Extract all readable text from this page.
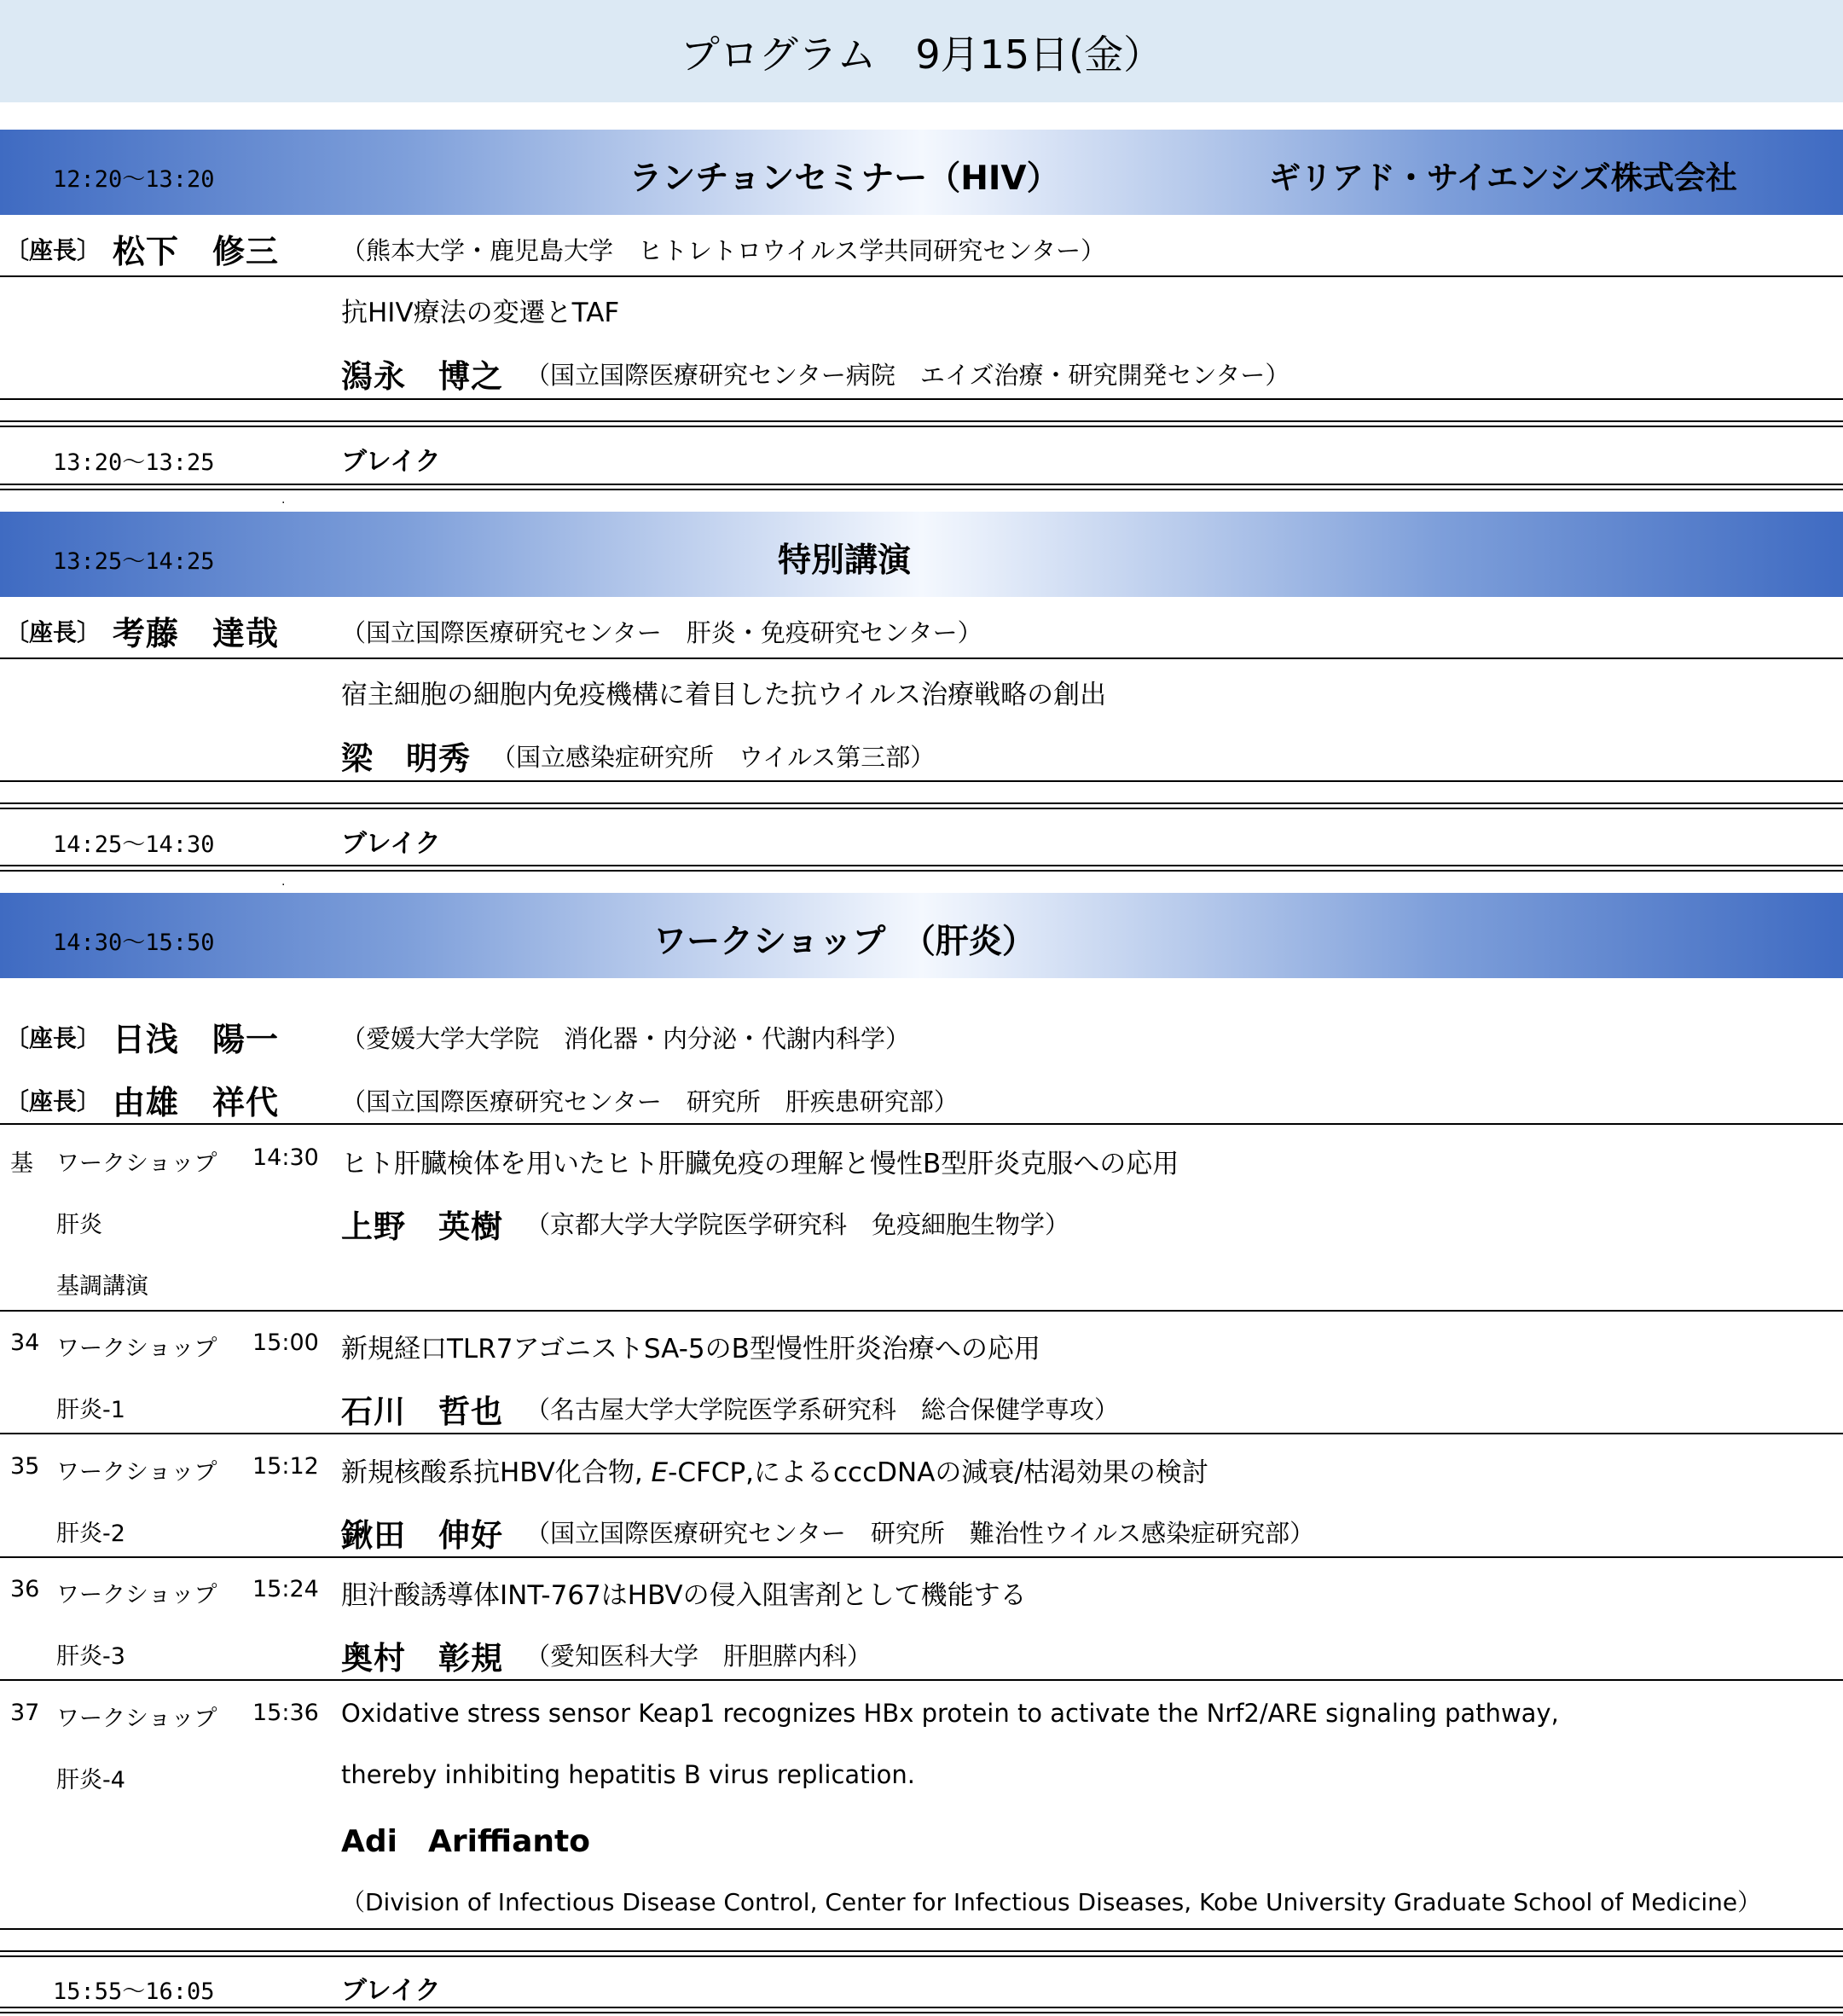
プログラム　9月15日(金）
12:20～13:20	ランチョンセミナー（HIV）	ギリアド・サイエンシズ株式会社
〔座長〕 松下　修三	（熊本大学・鹿児島大学　ヒトレトロウイルス学共同研究センター）
抗HIV療法の変遷とTAF
潟永　博之 （国立国際医療研究センター病院　エイズ治療・研究開発センター）
13:20～13:25	ブレイク
.
13:25～14:25	特別講演
〔座長〕 考藤　達哉	（国立国際医療研究センター　肝炎・免疫研究センター）
宿主細胞の細胞内免疫機構に着目した抗ウイルス治療戦略の創出
梁　明秀 （国立感染症研究所　ウイルス第三部）
14:25～14:30	ブレイク
.
14:30～15:50	ワークショップ　（肝炎）
〔座長〕 日浅　陽一	（愛媛大学大学院　消化器・内分泌・代謝内科学）
〔座長〕 由雄　祥代	（国立国際医療研究センター　研究所　肝疾患研究部）
基 ワークショップ 14:30 ヒト肝臓検体を用いたヒト肝臓免疫の理解と慢性B型肝炎克服への応用
肝炎	上野　英樹 （京都大学大学院医学研究科　免疫細胞生物学）
基調講演
34 ワークショップ 15:00 新規経口TLR7アゴニストSA-5のB型慢性肝炎治療への応用
肝炎-1	石川　哲也 （名古屋大学大学院医学系研究科　総合保健学専攻）
35 ワークショップ 15:12 新規核酸系抗HBV化合物, E-CFCP,によるcccDNAの減衰/枯渇効果の検討
肝炎-2	鍬田　伸好 （国立国際医療研究センター　研究所　難治性ウイルス感染症研究部）
36 ワークショップ 15:24 胆汁酸誘導体INT-767はHBVの侵入阻害剤として機能する
肝炎-3	奥村　彰規 （愛知医科大学　肝胆膵内科）
37 ワークショップ 15:36 Oxidative stress sensor Keap1 recognizes HBx protein to activate the Nrf2/ARE signaling pathway,
肝炎-4	thereby inhibiting hepatitis B virus replication.
Adi　Ariffianto
（Division of Infectious Disease Control, Center for Infectious Diseases, Kobe University Graduate School of Medicine）
15:55～16:05	ブレイク
